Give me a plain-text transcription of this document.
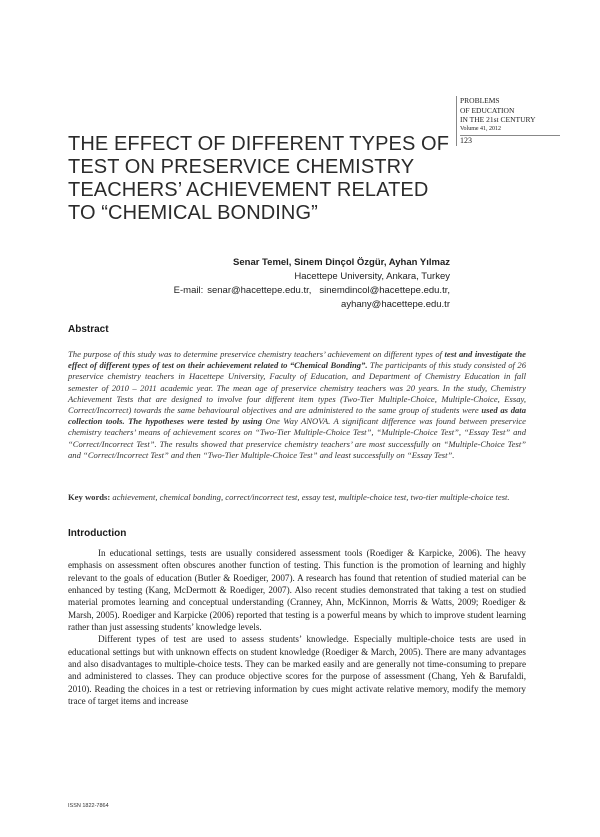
PROBLEMS
OF EDUCATION
IN THE 21st CENTURY
Volume 41, 2012
123
THE EFFECT OF DIFFERENT TYPES OF TEST ON PRESERVICE CHEMISTRY TEACHERS’ ACHIEVEMENT RELATED TO “CHEMICAL BONDING”
Senar Temel, Sinem Dinçol Özgür, Ayhan Yılmaz
Hacettepe University, Ankara, Turkey
E-mail: senar@hacettepe.edu.tr, sinemdincol@hacettepe.edu.tr,
ayhany@hacettepe.edu.tr
Abstract

The purpose of this study was to determine preservice chemistry teachers’ achievement on different types of test and investigate the effect of different types of test on their achievement related to “Chemical Bonding”. The participants of this study consisted of 26 preservice chemistry teachers in Hacettepe University, Faculty of Education, and Department of Chemistry Education in fall semester of 2010 – 2011 academic year. The mean age of preservice chemistry teachers was 20 years. In the study, Chemistry Achievement Tests that are designed to involve four different item types (Two-Tier Multiple-Choice, Multiple-Choice, Essay, Correct/Incorrect) towards the same behavioural objectives and are administered to the same group of students were used as data collection tools. The hypotheses were tested by using One Way ANOVA. A significant difference was found between preservice chemistry teachers’ means of achievement scores on “Two-Tier Multiple-Choice Test”, “Multiple-Choice Test”, “Essay Test” and “Correct/Incorrect Test”. The results showed that preservice chemistry teachers’ are most successfully on “Multiple-Choice Test” and “Correct/Incorrect Test” and then “Two-Tier Multiple-Choice Test” and least successfully on “Essay Test”.

Key words: achievement, chemical bonding, correct/incorrect test, essay test, multiple-choice test, two-tier multiple-choice test.

Introduction

In educational settings, tests are usually considered assessment tools (Roediger & Karpicke, 2006). The heavy emphasis on assessment often obscures another function of testing. This function is the promotion of learning and highly relevant to the goals of education (Butler & Roediger, 2007). A research has found that retention of studied material can be enhanced by testing (Kang, McDermott & Roediger, 2007). Also recent studies demonstrated that taking a test on studied material promotes learning and conceptual understanding (Cranney, Ahn, McKinnon, Morris & Watts, 2009; Roediger & Marsh, 2005). Roediger and Karpicke (2006) reported that testing is a powerful means by which to improve student learning rather than just assessing students’ knowledge levels.

Different types of test are used to assess students’ knowledge. Especially multiple-choice tests are used in educational settings but with unknown effects on student knowledge (Roediger & March, 2005). There are many advantages and also disadvantages to multiple-choice tests. They can be marked easily and are generally not time-consuming to prepare and administered to classes. They can produce objective scores for the purpose of assessment (Chang, Yeh & Barufaldi, 2010). Reading the choices in a test or retrieving information by cues might activate relative memory, modify the memory trace of target items and increase

ISSN 1822-7864
